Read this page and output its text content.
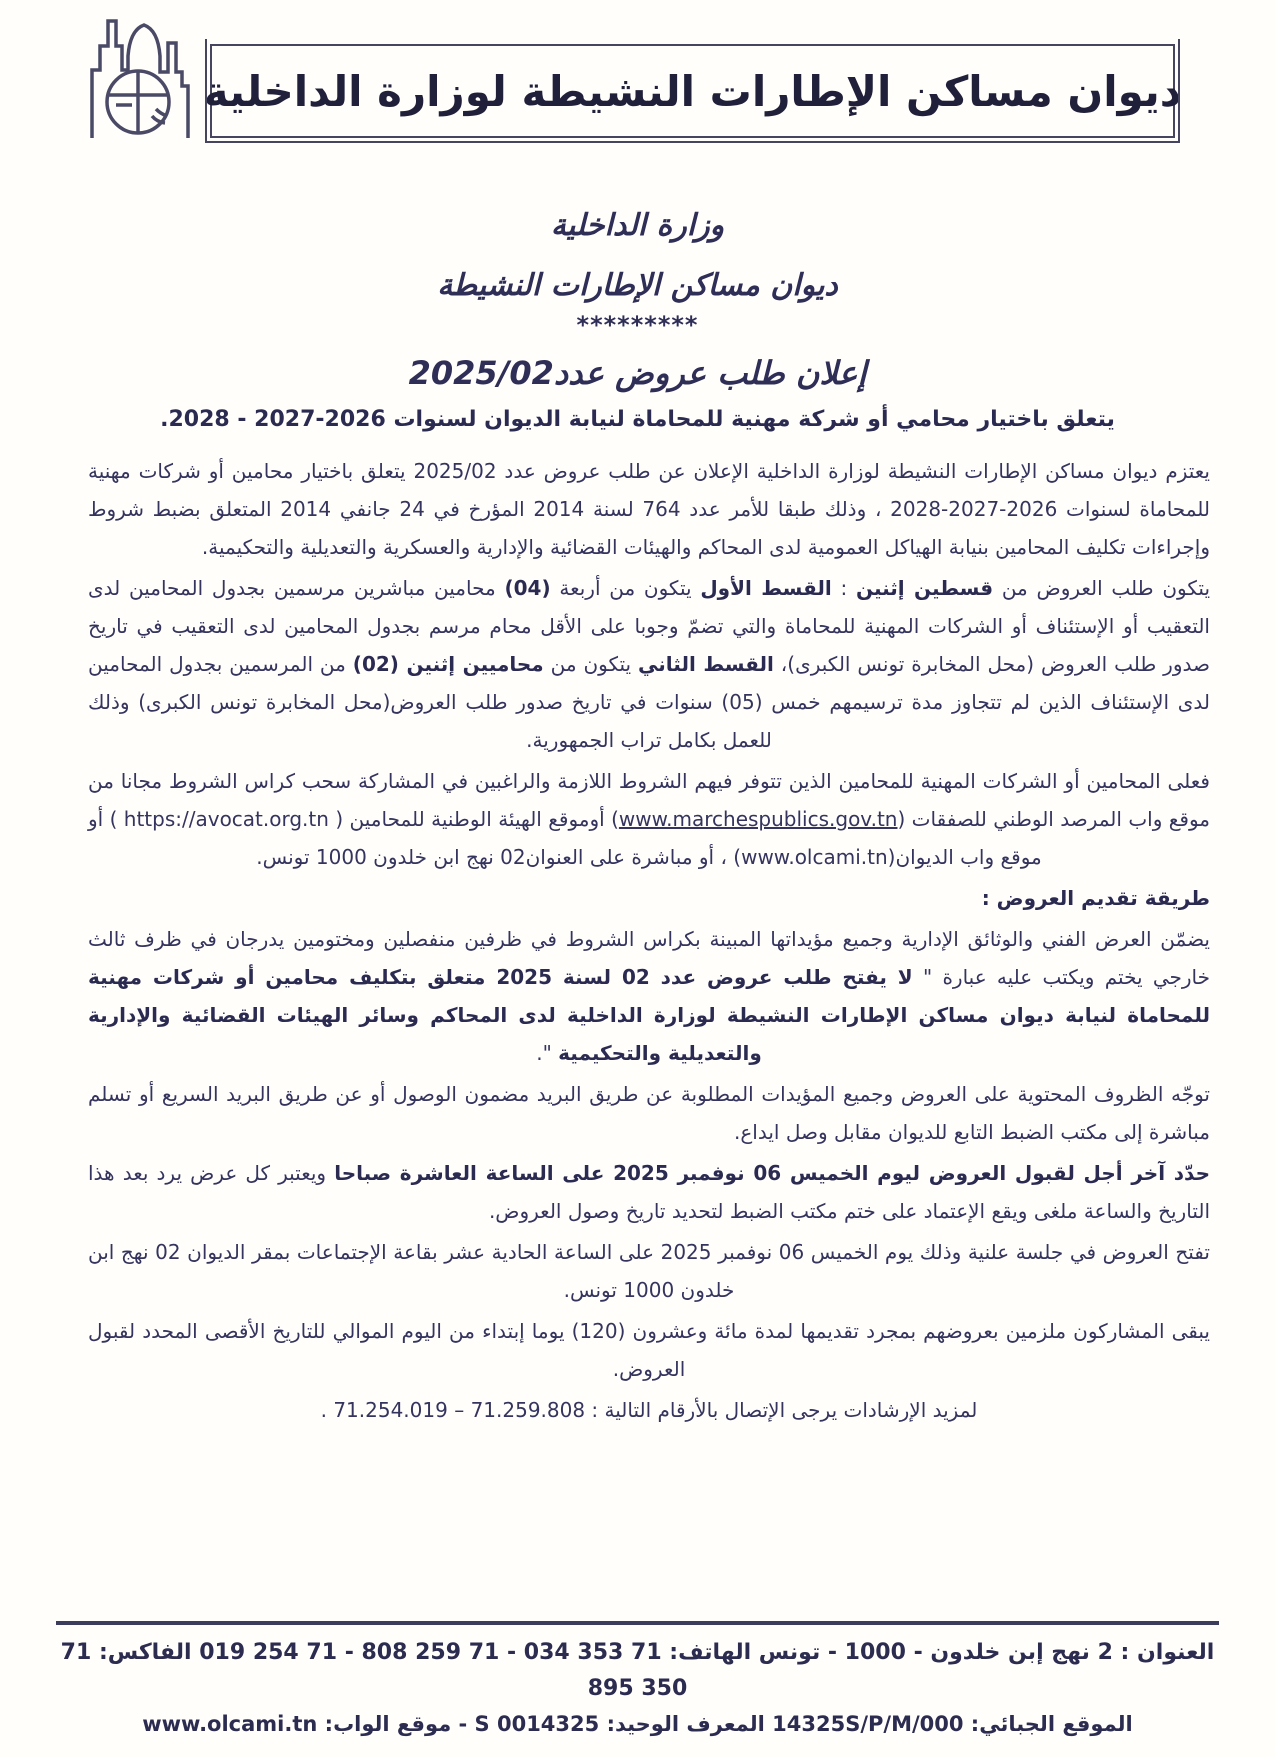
ديوان مساكن الإطارات النشيطة لوزارة الداخلية
وزارة الداخلية
ديوان مساكن الإطارات النشيطة
*********
إعلان طلب عروض عدد2025/02
يتعلق باختيار محامي أو شركة مهنية للمحاماة لنيابة الديوان لسنوات 2026-2027 - 2028.

يعتزم ديوان مساكن الإطارات النشيطة لوزارة الداخلية الإعلان عن طلب عروض عدد 2025/02 يتعلق باختيار محامين أو شركات مهنية للمحاماة لسنوات 2026-2027-2028 ، وذلك طبقا للأمر عدد 764 لسنة 2014 المؤرخ في 24 جانفي 2014 المتعلق بضبط شروط وإجراءات تكليف المحامين بنيابة الهياكل العمومية لدى المحاكم والهيئات القضائية والإدارية والعسكرية والتعديلية والتحكيمية.

يتكون طلب العروض من قسطين إثنين : القسط الأول يتكون من أربعة (04) محامين مباشرين مرسمين بجدول المحامين لدى التعقيب أو الإستئناف أو الشركات المهنية للمحاماة والتي تضمّ وجوبا على الأقل محام مرسم بجدول المحامين لدى التعقيب في تاريخ صدور طلب العروض (محل المخابرة تونس الكبرى)، القسط الثاني يتكون من محاميين إثنين (02) من المرسمين بجدول المحامين لدى الإستئناف الذين لم تتجاوز مدة ترسيمهم خمس (05) سنوات في تاريخ صدور طلب العروض(محل المخابرة تونس الكبرى) وذلك للعمل بكامل تراب الجمهورية.

فعلى المحامين أو الشركات المهنية للمحامين الذين تتوفر فيهم الشروط اللازمة والراغبين في المشاركة سحب كراس الشروط مجانا من موقع واب المرصد الوطني للصفقات (www.marchespublics.gov.tn) أوموقع الهيئة الوطنية للمحامين ( https://avocat.org.tn ) أو موقع واب الديوان(www.olcami.tn) ، أو مباشرة على العنوان02 نهج ابن خلدون 1000 تونس.

طريقة تقديم العروض :

يضمّن العرض الفني والوثائق الإدارية وجميع مؤيداتها المبينة بكراس الشروط في ظرفين منفصلين ومختومين يدرجان في ظرف ثالث خارجي يختم ويكتب عليه عبارة " لا يفتح طلب عروض عدد 02 لسنة 2025 متعلق بتكليف محامين أو شركات مهنية للمحاماة لنيابة ديوان مساكن الإطارات النشيطة لوزارة الداخلية لدى المحاكم وسائر الهيئات القضائية والإدارية والتعديلية والتحكيمية ".

توجّه الظروف المحتوية على العروض وجميع المؤيدات المطلوبة عن طريق البريد مضمون الوصول أو عن طريق البريد السريع أو تسلم مباشرة إلى مكتب الضبط التابع للديوان مقابل وصل ايداع.

حدّد آخر أجل لقبول العروض ليوم الخميس 06 نوفمبر 2025 على الساعة العاشرة صباحا ويعتبر كل عرض يرد بعد هذا التاريخ والساعة ملغى ويقع الإعتماد على ختم مكتب الضبط لتحديد تاريخ وصول العروض.

تفتح العروض في جلسة علنية وذلك يوم الخميس 06 نوفمبر 2025 على الساعة الحادية عشر بقاعة الإجتماعات بمقر الديوان 02 نهج ابن خلدون 1000 تونس.

يبقى المشاركون ملزمين بعروضهم بمجرد تقديمها لمدة مائة وعشرون (120) يوما إبتداء من اليوم الموالي للتاريخ الأقصى المحدد لقبول العروض.

لمزيد الإرشادات يرجى الإتصال بالأرقام التالية : 71.259.808 – 71.254.019 .

العنوان : 2 نهج إبن خلدون - 1000 - تونس الهاتف: 71 353 034 - 71 259 808 - 71 254 019 الفاكس: 71 350 895
الموقع الجبائي: 14325S/P/M/000 المعرف الوحيد: 0014325 S - موقع الواب: www.olcami.tn
